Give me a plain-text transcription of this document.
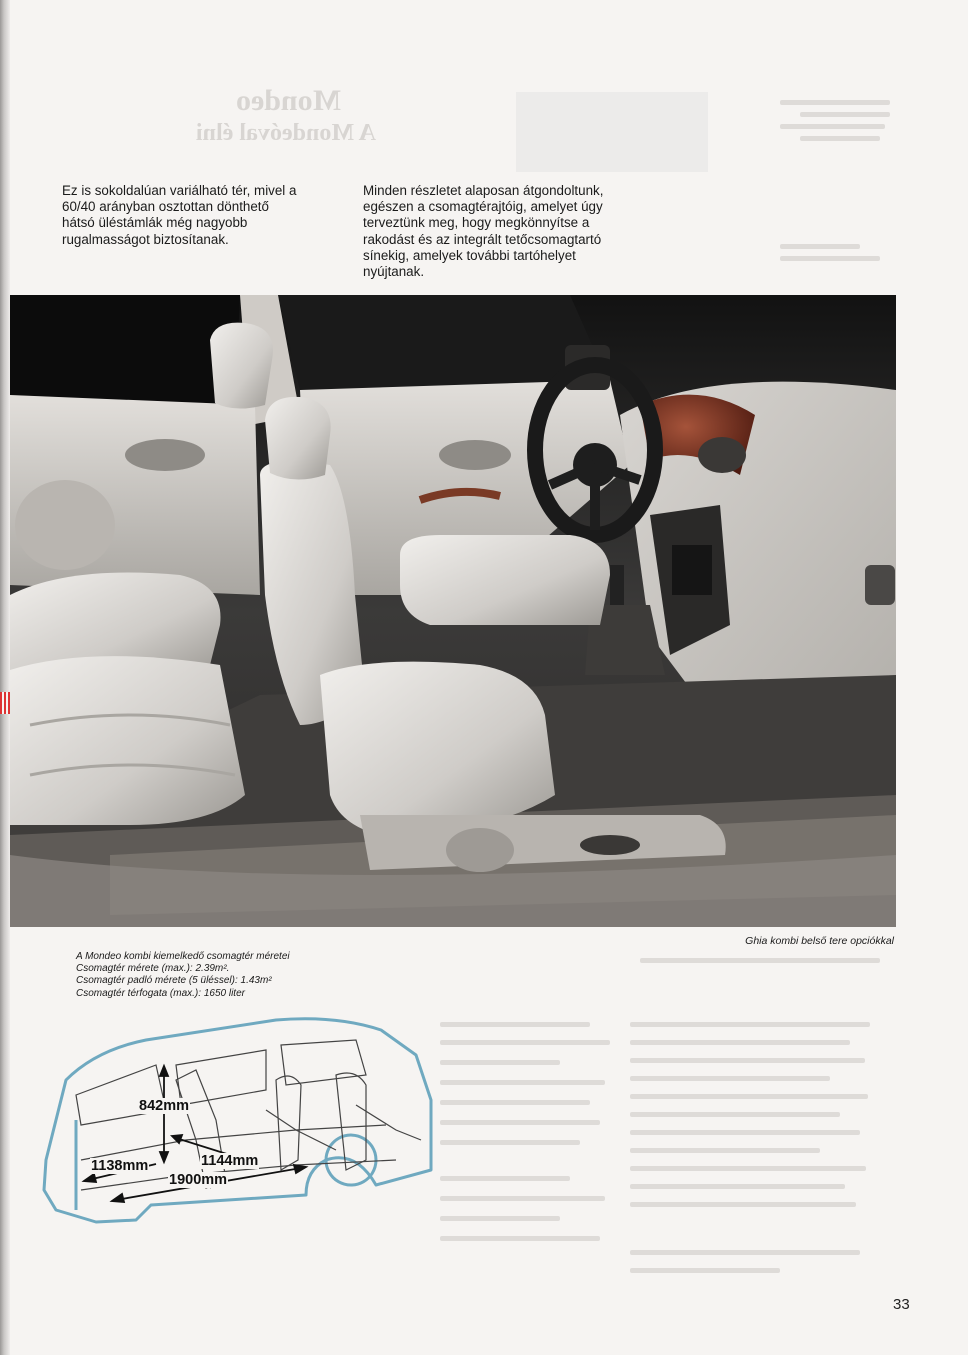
Mondeo
A Mondeóval élni
Ez is sokoldalúan variálható tér, mivel a
60/40 arányban osztottan dönthető
hátsó üléstámlák még nagyobb
rugalmasságot biztosítanak.
Minden részletet alaposan átgondoltunk,
egészen a csomagtérajtóig, amelyet úgy
terveztünk meg, hogy megkönnyítse a
rakodást és az integrált tetőcsomagtartó
sínekig, amelyek további tartóhelyet
nyújtanak.
Ghia kombi belső tere opciókkal
A Mondeo kombi kiemelkedő csomagtér méretei
Csomagtér mérete (max.): 2.39m².
Csomagtér padló mérete (5 üléssel): 1.43m²
Csomagtér térfogata (max.): 1650 liter
842mm
1138mm	1144mm
1900mm
33
